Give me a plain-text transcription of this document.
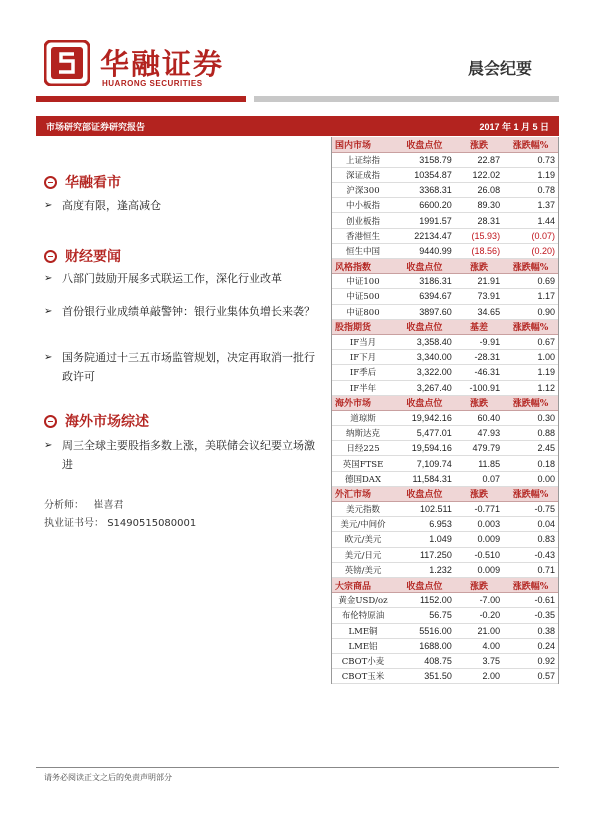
华融证券
HUARONG SECURITIES
晨会纪要
市场研究部证券研究报告	2017 年 1 月 5 日
华融看市
➢ 高度有限，逢高减仓
财经要闻
➢ 八部门鼓励开展多式联运工作，深化行业改革
➢ 首份银行业成绩单敲警钟：银行业集体负增长来袭？
➢ 国务院通过十三五市场监管规划，决定再取消一批行政许可
海外市场综述
➢ 周三全球主要股指多数上涨，美联储会议纪要立场激进
分析师： 崔喜君
执业证书号： S1490515080001
国内市场	收盘点位	涨跌	涨跌幅%
上证综指	3158.79	22.87	0.73
深证成指	10354.87	122.02	1.19
沪深300	3368.31	26.08	0.78
中小板指	6600.20	89.30	1.37
创业板指	1991.57	28.31	1.44
香港恒生	22134.47	(15.93)	(0.07)
恒生中国	9440.99	(18.56)	(0.20)
风格指数	收盘点位	涨跌	涨跌幅%
中证100	3186.31	21.91	0.69
中证500	6394.67	73.91	1.17
中证800	3897.60	34.65	0.90
股指期货	收盘点位	基差	涨跌幅%
IF当月	3,358.40	-9.91	0.67
IF下月	3,340.00	-28.31	1.00
IF季后	3,322.00	-46.31	1.19
IF半年	3,267.40	-100.91	1.12
海外市场	收盘点位	涨跌	涨跌幅%
道琼斯	19,942.16	60.40	0.30
纳斯达克	5,477.01	47.93	0.88
日经225	19,594.16	479.79	2.45
英国FTSE	7,109.74	11.85	0.18
德国DAX	11,584.31	0.07	0.00
外汇市场	收盘点位	涨跌	涨跌幅%
美元指数	102.511	-0.771	-0.75
美元/中间价	6.953	0.003	0.04
欧元/美元	1.049	0.009	0.83
美元/日元	117.250	-0.510	-0.43
英镑/美元	1.232	0.009	0.71
大宗商品	收盘点位	涨跌	涨跌幅%
黄金USD/oz	1152.00	-7.00	-0.61
布伦特原油	56.75	-0.20	-0.35
LME铜	5516.00	21.00	0.38
LME铝	1688.00	4.00	0.24
CBOT小麦	408.75	3.75	0.92
CBOT玉米	351.50	2.00	0.57
请务必阅读正文之后的免责声明部分
